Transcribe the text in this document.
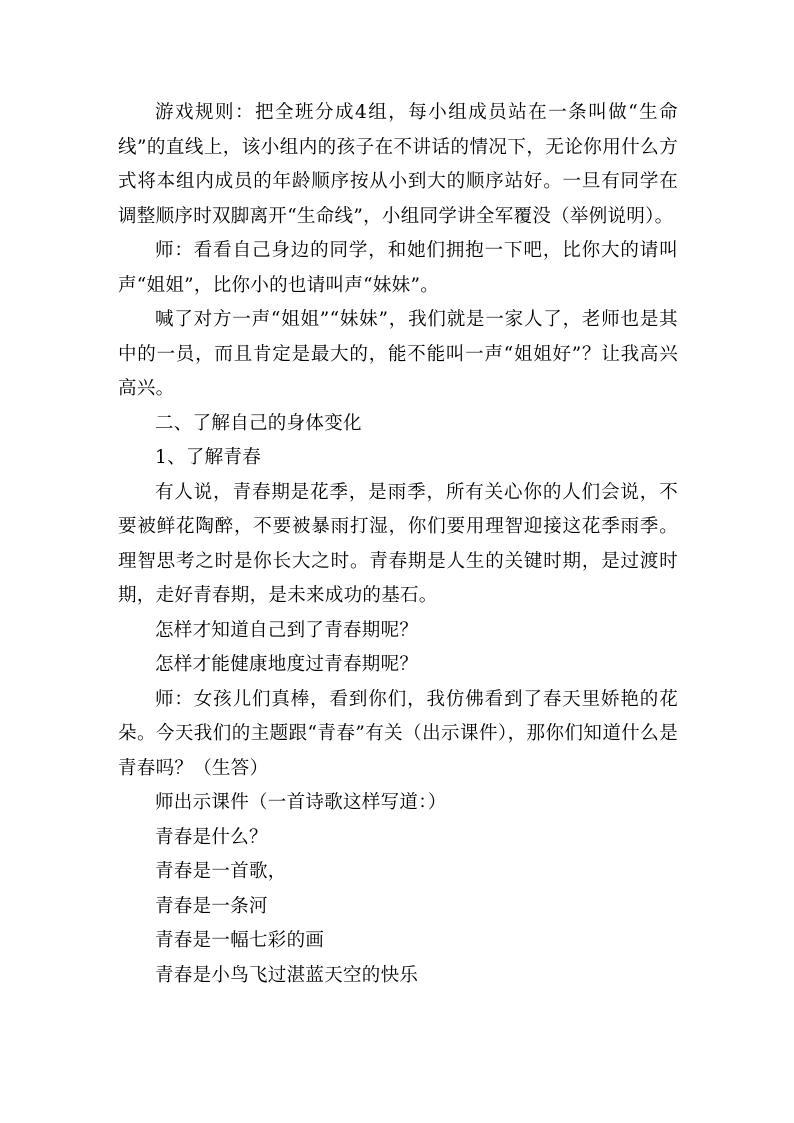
游戏规则：把全班分成4组，每小组成员站在一条叫做“生命线”的直线上，该小组内的孩子在不讲话的情况下，无论你用什么方式将本组内成员的年龄顺序按从小到大的顺序站好。一旦有同学在调整顺序时双脚离开“生命线”，小组同学讲全军覆没（举例说明）。

师：看看自己身边的同学，和她们拥抱一下吧，比你大的请叫声“姐姐”，比你小的也请叫声“妹妹”。

喊了对方一声“姐姐”“妹妹”，我们就是一家人了，老师也是其中的一员，而且肯定是最大的，能不能叫一声“姐姐好”？让我高兴高兴。

二、了解自己的身体变化

1、了解青春

有人说，青春期是花季，是雨季，所有关心你的人们会说，不要被鲜花陶醉，不要被暴雨打湿，你们要用理智迎接这花季雨季。理智思考之时是你长大之时。青春期是人生的关键时期，是过渡时期，走好青春期，是未来成功的基石。

怎样才知道自己到了青春期呢？

怎样才能健康地度过青春期呢？

师：女孩儿们真棒，看到你们，我仿佛看到了春天里娇艳的花朵。今天我们的主题跟“青春”有关（出示课件），那你们知道什么是青春吗？（生答）

师出示课件（一首诗歌这样写道：）

青春是什么？

青春是一首歌，

青春是一条河

青春是一幅七彩的画

青春是小鸟飞过湛蓝天空的快乐
